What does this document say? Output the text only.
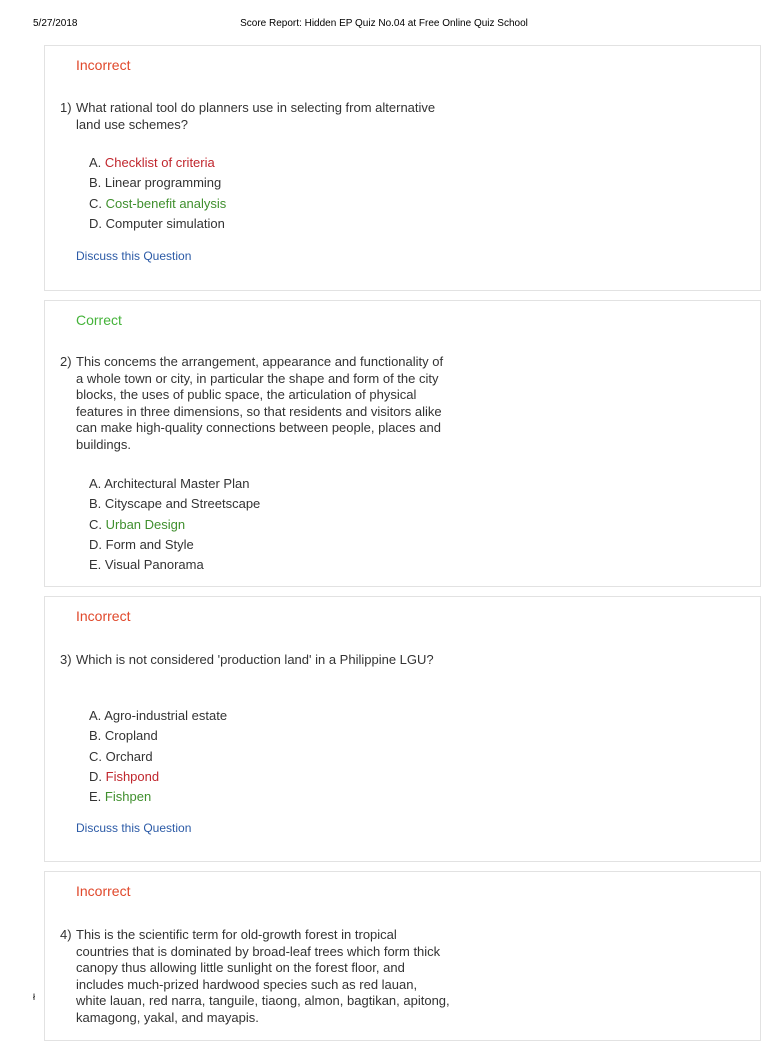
5/27/2018	Score Report: Hidden EP Quiz No.04 at Free Online Quiz School
Incorrect
1) What rational tool do planners use in selecting from alternative land use schemes?
A. Checklist of criteria
B. Linear programming
C. Cost-benefit analysis
D. Computer simulation
Discuss this Question
Correct
2) This concems the arrangement, appearance and functionality of a whole town or city, in particular the shape and form of the city blocks, the uses of public space, the articulation of physical features in three dimensions, so that residents and visitors alike can make high-quality connections between people, places and buildings.
A. Architectural Master Plan
B. Cityscape and Streetscape
C. Urban Design
D. Form and Style
E. Visual Panorama
Incorrect
3) Which is not considered 'production land' in a Philippine LGU?
A. Agro-industrial estate
B. Cropland
C. Orchard
D. Fishpond
E. Fishpen
Discuss this Question
Incorrect
4) This is the scientific term for old-growth forest in tropical countries that is dominated by broad-leaf trees which form thick canopy thus allowing little sunlight on the forest floor, and includes much-prized hardwood species such as red lauan, white lauan, red narra, tanguile, tiaong, almon, bagtikan, apitong, kamagong, yakal, and mayapis.
ł
